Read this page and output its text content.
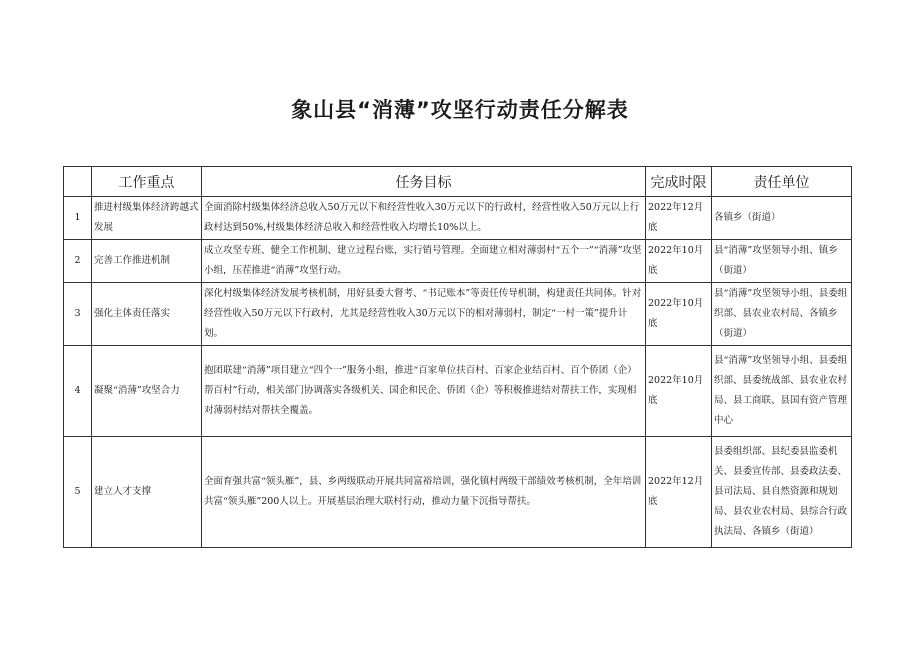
象山县“消薄”攻坚行动责任分解表
	工作重点	任务目标	完成时限	责任单位
1	推进村级集体经济跨越式发展	全面消除村级集体经济总收入50万元以下和经营性收入30万元以下的行政村，经营性收入50万元以上行政村达到50%,村级集体经济总收入和经营性收入均增长10%以上。	2022年12月底	各镇乡（街道）
2	完善工作推进机制	成立攻坚专班、健全工作机制、建立过程台账，实行销号管理。全面建立相对薄弱村“五个一”“消薄”攻坚小组，压茬推进“消薄”攻坚行动。	2022年10月底	县“消薄”攻坚领导小组、镇乡（街道）
3	强化主体责任落实	深化村级集体经济发展考核机制，用好县委大督考、“书记账本”等责任传导机制，构建责任共同体。针对经营性收入50万元以下行政村，尤其是经营性收入30万元以下的相对薄弱村，制定“一村一策”提升计划。	2022年10月底	县“消薄”攻坚领导小组、县委组织部、县农业农村局、各镇乡（街道）
4	凝聚“消薄”攻坚合力	抱团联建“消薄”项目建立“四个一”服务小组，推进“百家单位扶百村、百家企业结百村、百个侨团（企）帮百村”行动，相关部门协调落实各级机关、国企和民企、侨团（企）等积极推进结对帮扶工作，实现相对薄弱村结对帮扶全覆盖。	2022年10月底	县“消薄”攻坚领导小组、县委组织部、县委统战部、县农业农村局、县工商联、县国有资产管理中心
5	建立人才支撑	全面育强共富“领头雁”，县、乡两级联动开展共同富裕培训，强化镇村两级干部绩效考核机制，全年培训共富“领头雁”200人以上。开展基层治理大联村行动，推动力量下沉指导帮扶。	2022年12月底	县委组织部、县纪委县监委机关、县委宣传部、县委政法委、县司法局、县自然资源和规划局、县农业农村局、县综合行政执法局、各镇乡（街道）
